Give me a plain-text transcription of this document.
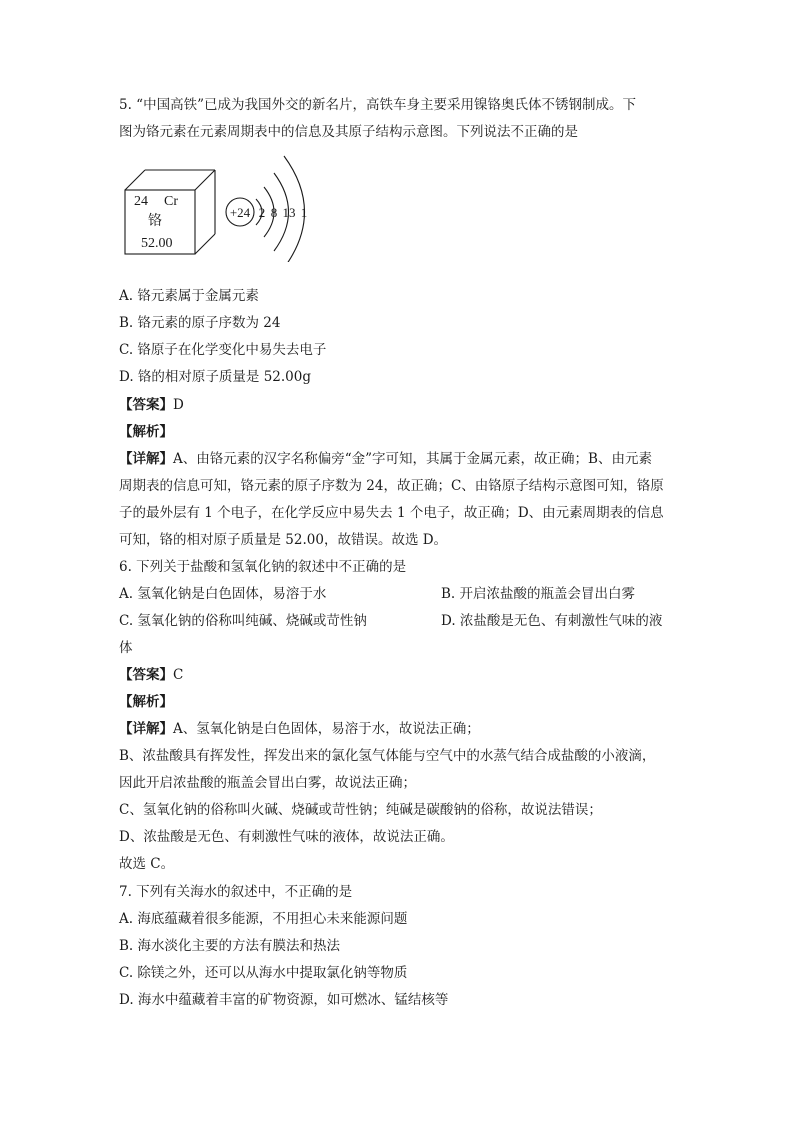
5. “中国高铁”已成为我国外交的新名片，高铁车身主要采用镍铬奥氏体不锈钢制成。下
图为铬元素在元素周期表中的信息及其原子结构示意图。下列说法不正确的是
24 Cr
铬
52.00
+24 2 8 13 1
A. 铬元素属于金属元素
B. 铬元素的原子序数为 24
C. 铬原子在化学变化中易失去电子
D. 铬的相对原子质量是 52.00g
【答案】D
【解析】
【详解】A、由铬元素的汉字名称偏旁“金”字可知，其属于金属元素，故正确；B、由元素
周期表的信息可知，铬元素的原子序数为 24，故正确；C、由铬原子结构示意图可知，铬原
子的最外层有 1 个电子，在化学反应中易失去 1 个电子，故正确；D、由元素周期表的信息
可知，铬的相对原子质量是 52.00，故错误。故选 D。
6. 下列关于盐酸和氢氧化钠的叙述中不正确的是
A. 氢氧化钠是白色固体，易溶于水	B. 开启浓盐酸的瓶盖会冒出白雾
C. 氢氧化钠的俗称叫纯碱、烧碱或苛性钠	D. 浓盐酸是无色、有刺激性气味的液
体
【答案】C
【解析】
【详解】A、氢氧化钠是白色固体，易溶于水，故说法正确；
B、浓盐酸具有挥发性，挥发出来的氯化氢气体能与空气中的水蒸气结合成盐酸的小液滴，
因此开启浓盐酸的瓶盖会冒出白雾，故说法正确；
C、氢氧化钠的俗称叫火碱、烧碱或苛性钠；纯碱是碳酸钠的俗称，故说法错误；
D、浓盐酸是无色、有刺激性气味的液体，故说法正确。
故选 C。
7. 下列有关海水的叙述中，不正确的是
A. 海底蕴藏着很多能源，不用担心未来能源问题
B. 海水淡化主要的方法有膜法和热法
C. 除镁之外，还可以从海水中提取氯化钠等物质
D. 海水中蕴藏着丰富的矿物资源，如可燃冰、锰结核等
